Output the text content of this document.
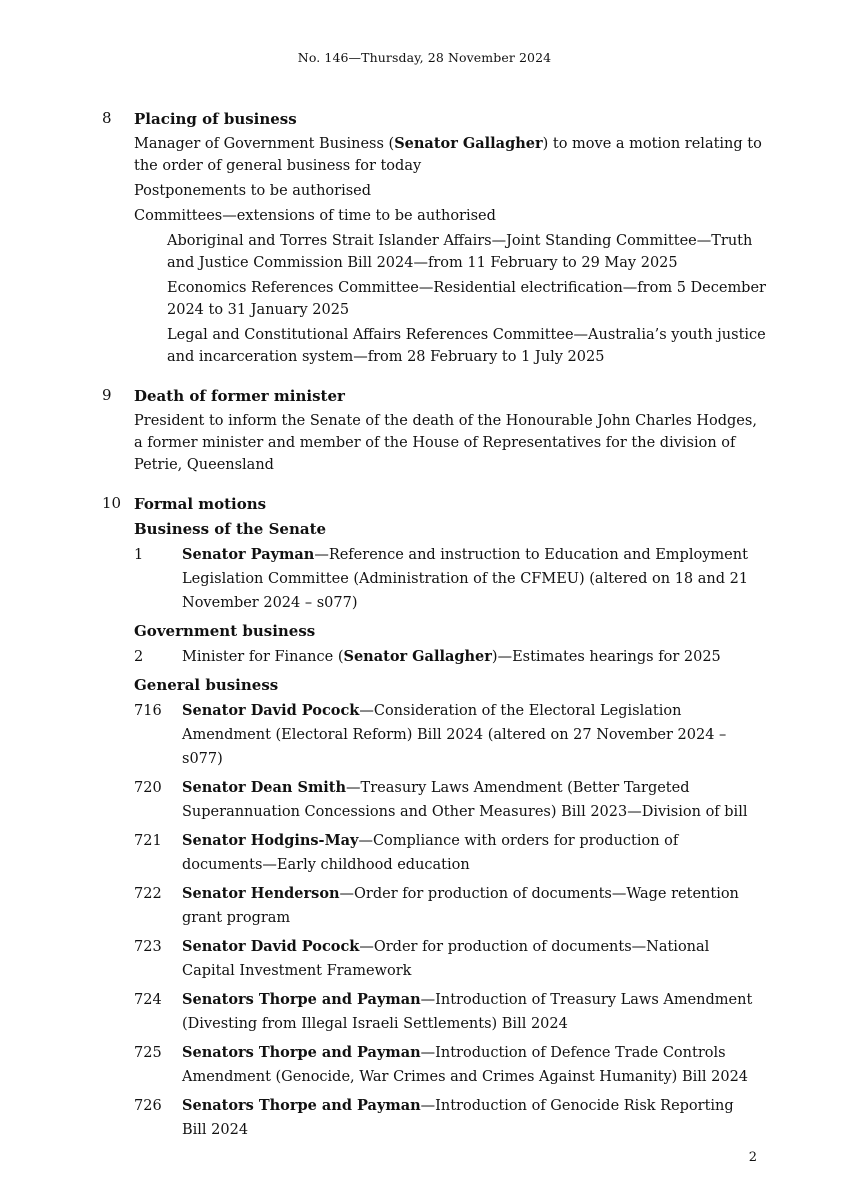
No. 146—Thursday, 28 November 2024
8 Placing of business
Manager of Government Business (Senator Gallagher) to move a motion relating to the order of general business for today
Postponements to be authorised
Committees—extensions of time to be authorised
Aboriginal and Torres Strait Islander Affairs—Joint Standing Committee—Truth and Justice Commission Bill 2024—from 11 February to 29 May 2025
Economics References Committee—Residential electrification—from 5 December 2024 to 31 January 2025
Legal and Constitutional Affairs References Committee—Australia’s youth justice and incarceration system—from 28 February to 1 July 2025
9 Death of former minister
President to inform the Senate of the death of the Honourable John Charles Hodges, a former minister and member of the House of Representatives for the division of Petrie, Queensland
10 Formal motions
Business of the Senate
1	Senator Payman—Reference and instruction to Education and Employment Legislation Committee (Administration of the CFMEU) (altered on 18 and 21 November 2024 – s077)
Government business
2	Minister for Finance (Senator Gallagher)—Estimates hearings for 2025
General business
716 Senator David Pocock—Consideration of the Electoral Legislation Amendment (Electoral Reform) Bill 2024 (altered on 27 November 2024 – s077)
720 Senator Dean Smith—Treasury Laws Amendment (Better Targeted Superannuation Concessions and Other Measures) Bill 2023—Division of bill
721 Senator Hodgins-May—Compliance with orders for production of documents—Early childhood education
722 Senator Henderson—Order for production of documents—Wage retention grant program
723 Senator David Pocock—Order for production of documents—National Capital Investment Framework
724 Senators Thorpe and Payman—Introduction of Treasury Laws Amendment (Divesting from Illegal Israeli Settlements) Bill 2024
725 Senators Thorpe and Payman—Introduction of Defence Trade Controls Amendment (Genocide, War Crimes and Crimes Against Humanity) Bill 2024
726 Senators Thorpe and Payman—Introduction of Genocide Risk Reporting Bill 2024
2
